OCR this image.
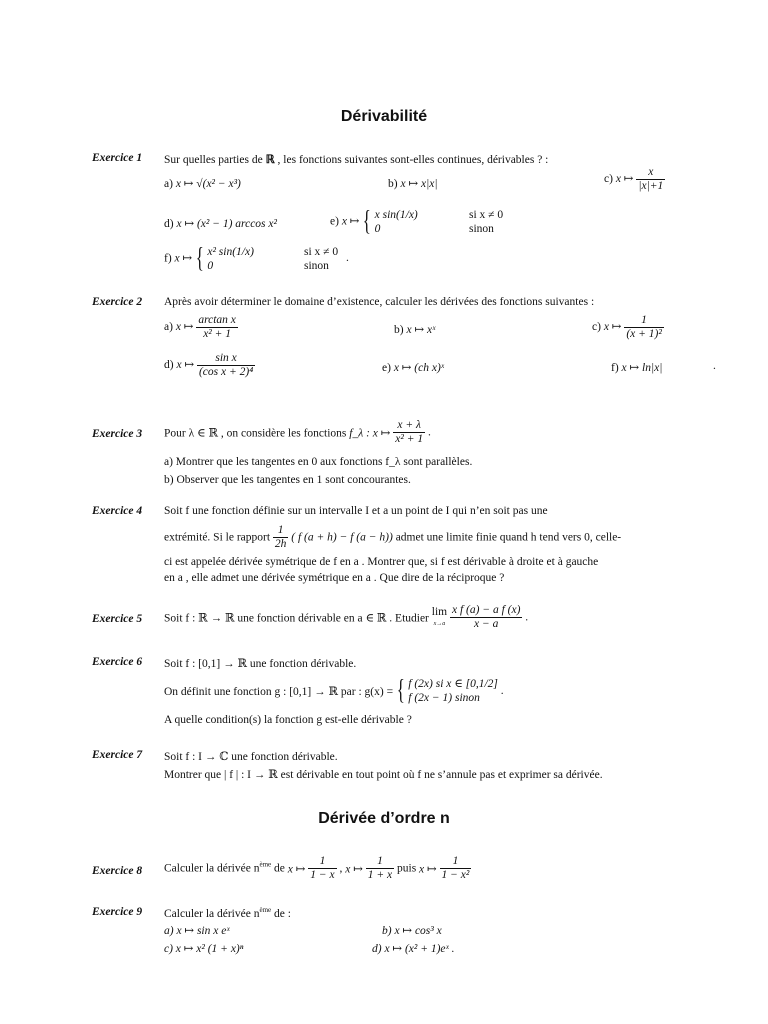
Dérivabilité
Exercice 1 Sur quelles parties de ℝ , les fonctions suivantes sont-elles continues, dérivables ? :
a) x ↦ √(x² − x³)	b) x ↦ x|x|	c) x ↦ $\frac{x}{|x|+1}$
d) x ↦ (x² − 1) arccos x²	e) x ↦ { x sin(1/x)
0
si x ≠ 0
sinon
f) x ↦ { x² sin(1/x)
0
si x ≠ 0
sinon
.
Exercice 2 Après avoir déterminer le domaine d’existence, calculer les dérivées des fonctions suivantes :
a) x ↦ $\frac{\text{arctan x}}{\text{x² + 1}}$	b) x ↦ xˣ	c) x ↦ $\frac{1}{\text{(x + 1)²}}$
d) x ↦ $\frac{\text{sin x}}{\text{(cos x + 2)⁴}}$	e) x ↦ (ch x)ˣ	f) x ↦ ln|x|	.
Exercice 3 Pour λ ∈ ℝ , on considère les fonctions f_λ : x ↦ $\frac{x + \lambda}{\text{x² + 1}}$ .
a) Montrer que les tangentes en 0 aux fonctions f_λ sont parallèles.
b) Observer que les tangentes en 1 sont concourantes.
Exercice 4 Soit f une fonction définie sur un intervalle I et a un point de I qui n’en soit pas une
extrémité. Si le rapport $\frac{1}{2h}$ ( f (a + h) − f (a − h)) admet une limite finie quand h tend vers 0, celle-
ci est appelée dérivée symétrique de f en a . Montrer que, si f est dérivable à droite et à gauche
en a , elle admet une dérivée symétrique en a . Que dire de la réciproque ?
Exercice 5 Soit f : ℝ → ℝ une fonction dérivable en a ∈ ℝ . Etudier lim
$x\to a \frac{\text{x f (a) − a f (x)}}{x - a}$ .
Exercice 6 Soit f : [0,1] → ℝ une fonction dérivable.
On définit une fonction g : [0,1] → ℝ par : g(x) = { f (2x) si x ∈ [0,1/2]
f (2x − 1) sinon .
A quelle condition(s) la fonction g est-elle dérivable ?
Exercice 7 Soit f : I → ℂ une fonction dérivable.
Montrer que | f | : I → ℝ est dérivable en tout point où f ne s’annule pas et exprimer sa dérivée.
Dérivée d’ordre n
Exercice 8 Calculer la dérivée $n^{ème}$ de x ↦ $\frac{1}{1 - x}$ , x ↦ $\frac{1}{1 + x}$ puis x ↦ $\frac{1}{\text{1 − x²}}$
Exercice 9 Calculer la dérivée $n^{ème}$ de :
a) x ↦ sin x eˣ	b) x ↦ cos³ x
c) x ↦ x² (1 + x)ⁿ	d) x ↦ (x² + 1)eˣ .
